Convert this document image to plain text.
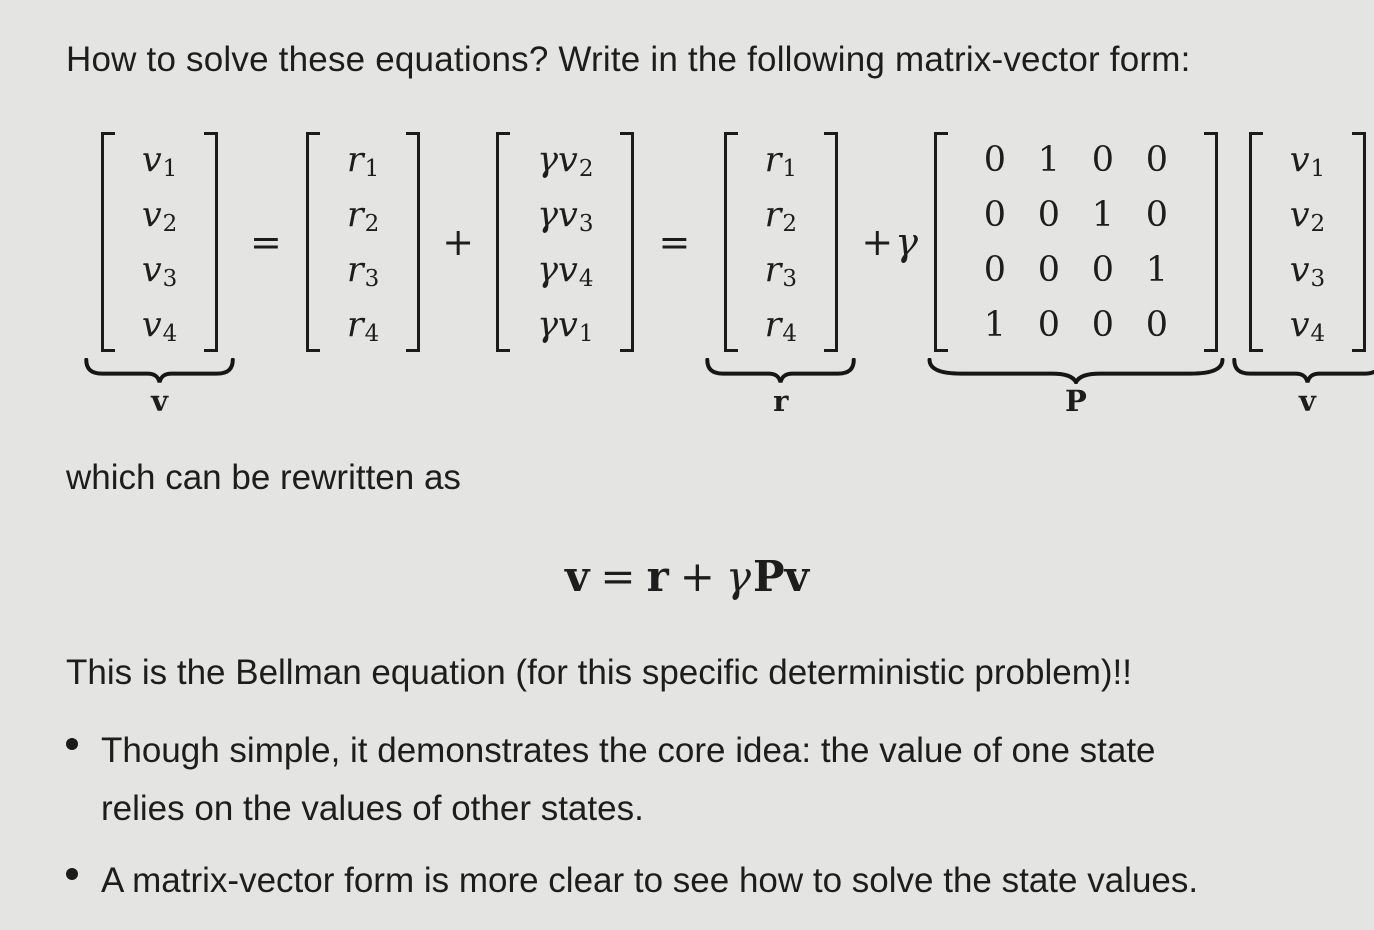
How to solve these equations? Write in the following matrix-vector form:
v 1
v 2
v 3
v 4
v
=
r 1
r 2
r 3
r 4
+
γv 2
γv 3
γv 4
γv 1
=
r 1
r 2
r 3
r 4
r
+ γ
0 1 0 0
0 0 1 0
0 0 0 1
1 0 0 0
P
v 1
v 2
v 3
v 4
v
which can be rewritten as
v = r + γPv
This is the Bellman equation (for this specific deterministic problem)!!
Though simple, it demonstrates the core idea: the value of one state
relies on the values of other states.
A matrix-vector form is more clear to see how to solve the state values.
